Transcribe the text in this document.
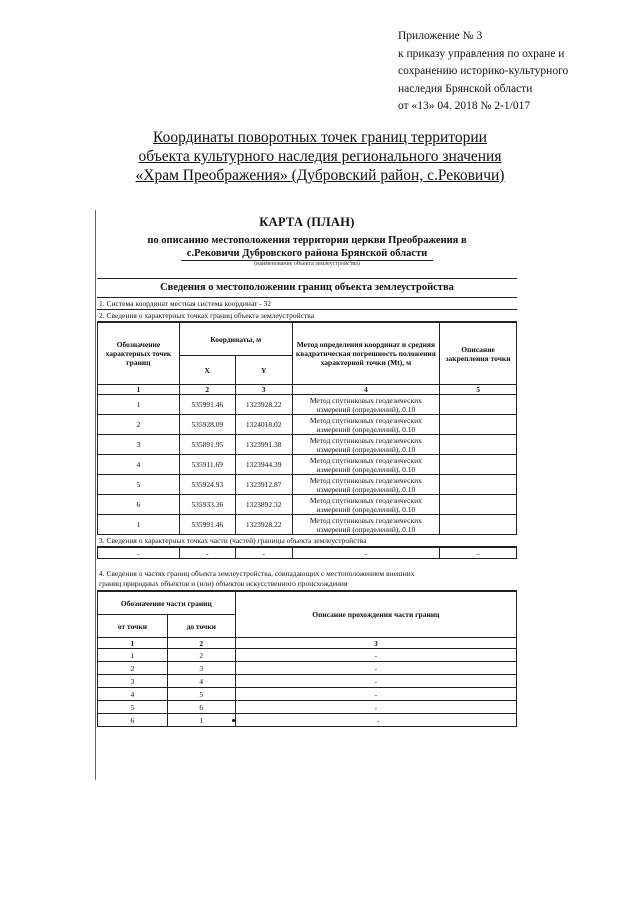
Приложение № 3
к приказу управления по охране и
сохранению историко-культурного
наследия Брянской области
от «13» 04. 2018 № 2-1/017
Координаты поворотных точек границ территории
объекта культурного наследия регионального значения
«Храм Преображения» (Дубровский район, с.Рековичи)
КАРТА (ПЛАН)
по описанию местоположения территории церкви Преображения в
с.Рековичи Дубровского района Брянской области
(наименование объекта землеустройства)
Сведения о местоположении границ объекта землеустройства
1. Система координат местная система координат - 32
2. Сведения о характерных точках границ объекта землеустройства
Обозначение характерных точек границ	Координаты, м		Метод определения координат и средняя квадратическая погрешность положения характерной точки (Mt), м	Описание закрепления точки
	X	Y		
1	2	3	4	5
1	535991.46	1323928.22	Метод спутниковых геодезических
измерений (определений), 0.10	
2	535928.09	1324018.02	Метод спутниковых геодезических
измерений (определений), 0.10	
3	535891.95	1323991.38	Метод спутниковых геодезических
измерений (определений), 0.10	
4	535911.69	1323944.39	Метод спутниковых геодезических
измерений (определений), 0.10	
5	535924.93	1323912.87	Метод спутниковых геодезических
измерений (определений), 0.10	
6	535933.36	1323892.32	Метод спутниковых геодезических
измерений (определений), 0.10	
1	535991.46	1323928.22	Метод спутниковых геодезических
измерений (определений), 0.10	
3. Сведения о характерных точках части (частей) границы объекта землеустройства
-	-	-	-	-
4. Сведения о частях границ объекта землеустройства, совпадающих с местоположением внешних
границ природных объектов и (или) объектов искусственного происхождения
Обозначение части границ		Описание прохождения части границ
от точки	до точки	
1	2	3
1	2	-
2	3	-
3	4	-
4	5	-
5	6	-
6	1	-
